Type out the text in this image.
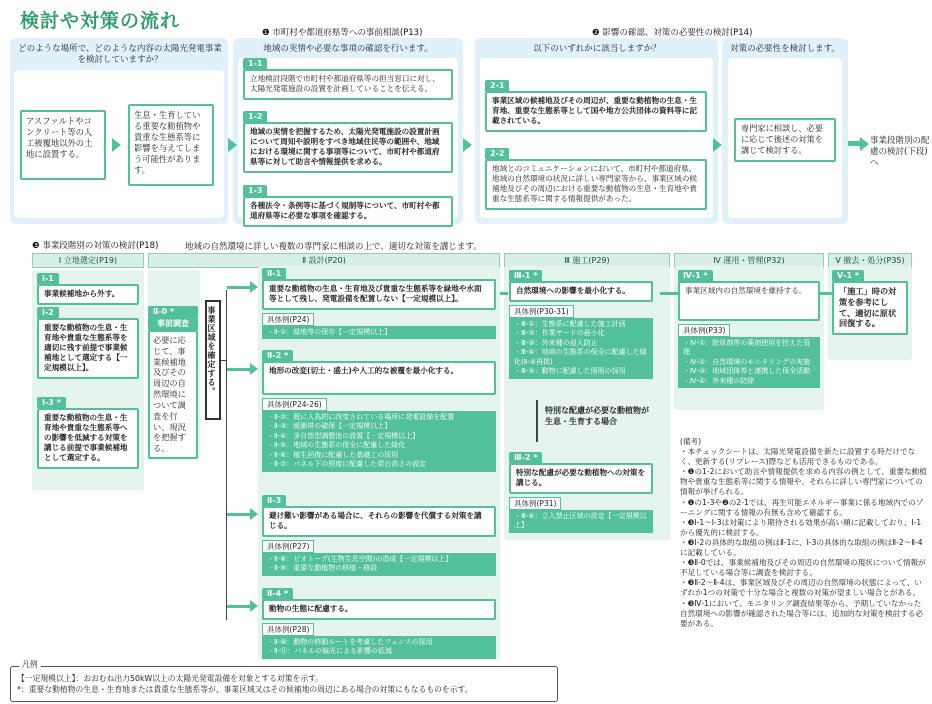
検討や対策の流れ
❶ 市町村や都道府県等への事前相談(P13)	❷ 影響の確認、対策の必要性の検討(P14)
どのような場所で、どのような内容の太陽光発電事業を検討していますか？
地域の実情や必要な事項の確認を行います。	以下のいずれかに該当しますか？	対策の必要性を検討します。
アスファルトやコンクリート等の人工被覆地以外の土地に設置する。
生息・生育している重要な動植物や貴重な生態系等に影響を与えてしまう可能性があります。
1-1
立地検討段階で市町村や都道府県等の担当窓口に対し、太陽光発電施設の設置を計画していることを伝える。
1-2
地域の実情を把握するため、太陽光発電施設の設置計画について周知や説明をすべき地域住民等の範囲や、地域における環境に関する事項等について、市町村や都道府県等に対して助言や情報提供を求める。
1-3
各種法令・条例等に基づく規制等について、市町村や都道府県等に必要な事項を確認する。
2-1
事業区域の候補地及びその周辺が、重要な動植物の生息・生育地、重要な生態系等として国や地方公共団体の資料等に記載されている。
2-2
地域とのコミュニケーションにおいて、市町村や都道府県、地域の自然環境の状況に詳しい専門家等から、事業区域の候補地及びその周辺における重要な動植物の生息・生育地や貴重な生態系等に関する情報提供があった。
専門家に相談し、必要に応じて後述の対策を講じて検討する。
事業段階別の配慮の検討(下段)へ
❸ 事業段階別の対策の検討(P18)	地域の自然環境に詳しい複数の専門家に相談の上で、適切な対策を講じます。
Ⅰ 立地選定(P19)	Ⅱ 設計(P20)	Ⅲ 施工(P29)	Ⅳ 運用・管理(P32)	Ⅴ 撤去・処分(P35)
Ⅰ-1
事業候補地から外す。
Ⅰ-2
重要な動植物の生息・生育地や貴重な生態系等を適切に残す前提で事業候補地として選定する【一定規模以上】。
Ⅰ-3 *
重要な動植物の生息・生育地や貴重な生態系等への影響を低減する対策を講じる前提で事業候補地として選定する。
Ⅱ-0 *
事前調査
必要に応じて、事業候補地及びその周辺の自然環境について調査を行い、現況を把握する。
事業区域を確定する。
Ⅱ-1
重要な動植物の生息・生育地及び貴重な生態系等を緑地や水面等として残し、発電設備を配置しない【一定規模以上】。
具体例(P24)
・Ⅱ-①：緑地等の保存【一定規模以上】
Ⅱ-2 *
地形の改変(切土・盛土)や人工的な被覆を最小化する。
具体例(P24-26)
・Ⅱ-②：既に人為的に改变されている場所に発電設備を配置
・Ⅱ-③：緩衝帯の確保【一定規模以上】
・Ⅱ-④：多自然型調整池の設置【一定規模以上】
・Ⅱ-⑤：地域の生態系の保全に配慮した緑化
・Ⅱ-⑥：植生回復に配慮した基礎工の採用
・Ⅱ-⑦：パネル下の照度に配慮した架台高さの設定
Ⅱ-3
避け難い影響がある場合に、それらの影響を代償する対策を講じる。
具体例(P27)
・Ⅱ-⑧：ビオトープ(生物生息空間)の造成【一定規模以上】
・Ⅱ-⑨：重要な動植物の移植・移設
Ⅱ-4 *
動物の生態に配慮する。
具体例(P28)
・Ⅱ-⑩：動物の移動ルートを考慮したフェンスの採用
・Ⅱ-⑪：パネルの偏光による影響の低減
Ⅲ-1 *
自然環境への影響を最小化する。
具体例(P30-31)
・Ⅲ-①：生態系に配慮した施工計画
・Ⅲ-②：作業ヤードの最小化
・Ⅲ-③：外来種の侵入防止
・Ⅲ-④：地域の生態系の保全に配慮した緑化(Ⅱ-⑤再掲)
・Ⅲ-⑤：動物に配慮した照明の採用
特別な配慮が必要な動植物が生息・生育する場合
Ⅲ-2 *
特別な配慮が必要な動植物への対策を講じる。
具体例(P31)
・Ⅲ-⑥：立入禁止区域の設定【一定規模以上】
Ⅳ-1 *
事業区域内の自然環境を維持する。
具体例(P33)
・Ⅳ-①：除草剤等の薬剤使用を控えた管理
・Ⅳ-②：自然環境のモニタリングの実施
・Ⅳ-③：地域団体等と連携した保全活動
・Ⅳ-④：外来種の防除
Ⅴ-1 *
「施工」時の対策を参考にして、適切に原状回復する。
(備考)
・本チェックシートは、太陽光発電設備を新たに設置する時だけでなく、更新する(リプレース)際なども活用できるものである。
・❶の1-2において助言や情報提供を求める内容の例として、重要な動植物や貴重な生態系等に関する情報や、それらに詳しい専門家についての情報が挙げられる。
・❶の1-3や❷の2-1では、再生可能エネルギー事業に係る地域内でのゾーニングに関する情報の有無も含めて確認する。
・❸Ⅰ-1～Ⅰ-3は対策により期待される効果が高い順に記載しており、Ⅰ-1から優先的に検討する。
・❸Ⅰ-2の具体的な取組の例はⅡ-1に、Ⅰ-3の具体的な取組の例はⅡ-2～Ⅱ-4に記載している。
・❸Ⅱ-0では、事業候補地及びその周辺の自然環境の現状について情報が不足している場合等に調査を検討する。
・❸Ⅱ-2～Ⅱ-4は、事業区域及びその周辺の自然環境の状態によって、いずれか1つの対策で十分な場合と複数の対策が望ましい場合とがある。
・❸Ⅳ-1において、モニタリング調査結果等から、予期していなかった自然環境への影響が確認された場合等には、追加的な対策を検討する必要がある。
凡例
【一定規模以上】：おおむね出力50kW以上の太陽光発電設備を対象とする対策を示す。
*：重要な動植物の生息・生育地または貴重な生態系等が、事業区域又はその候補地の周辺にある場合の対策にもなるものを示す。
